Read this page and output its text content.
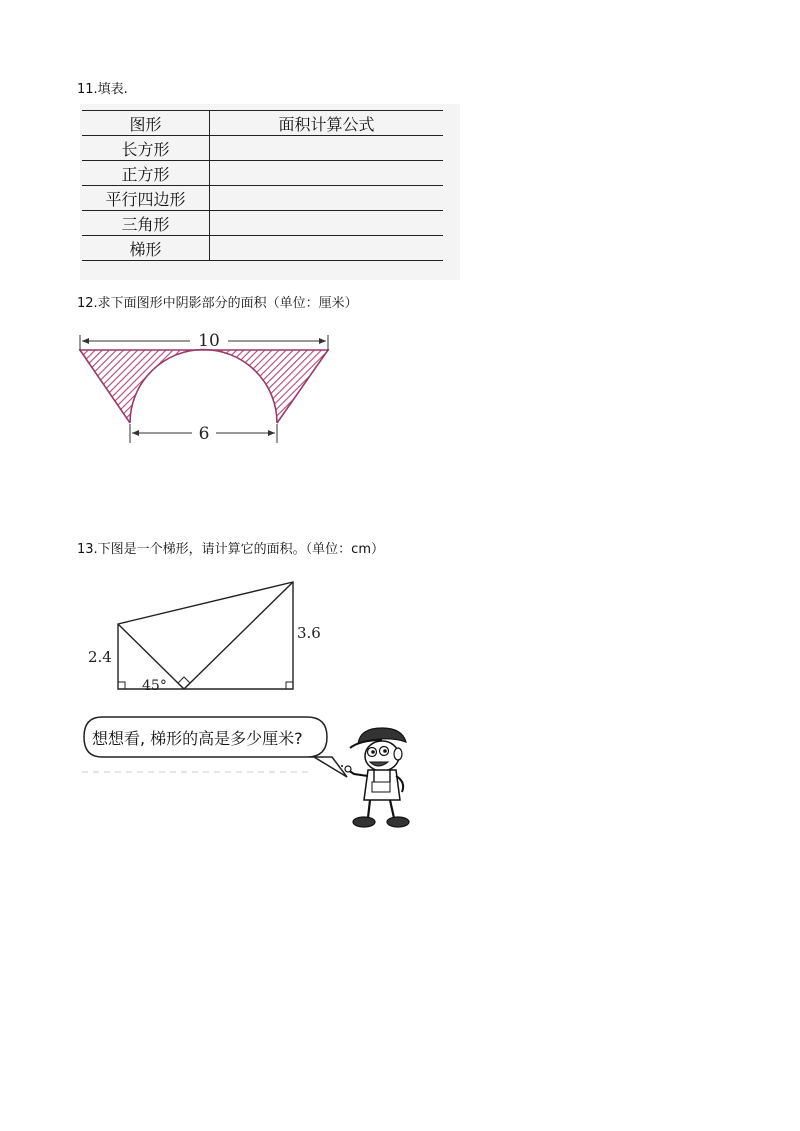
11.填表.
图形	面积计算公式
长方形	
正方形	
平行四边形	
三角形	
梯形	
12.求下面图形中阴影部分的面积（单位：厘米）
10
6
13.下图是一个梯形，请计算它的面积。（单位：cm）
2.4
3.6
45°
想想看, 梯形的高是多少厘米?
